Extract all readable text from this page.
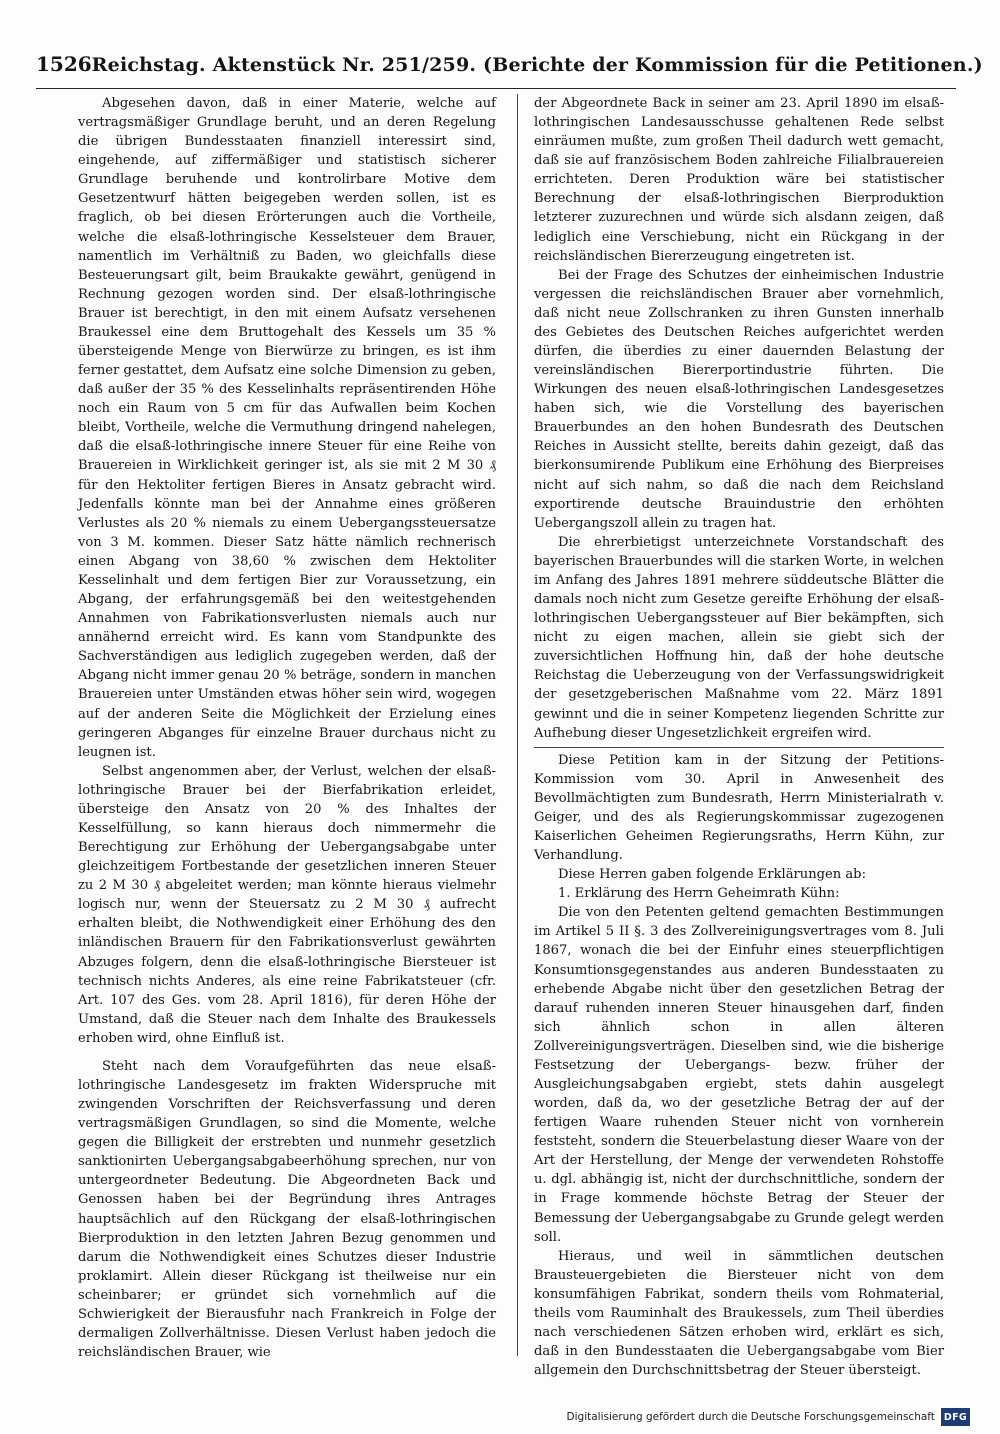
1526 Reichstag. Aktenstück Nr. 251/259. (Berichte der Kommission für die Petitionen.)

Abgesehen davon, daß in einer Materie, welche auf vertragsmäßiger Grundlage beruht, und an deren Regelung die übrigen Bundesstaaten finanziell interessirt sind, eingehende, auf ziffermäßiger und statistisch sicherer Grundlage beruhende und kontrolirbare Motive dem Gesetzentwurf hätten beigegeben werden sollen, ist es fraglich, ob bei diesen Erörterungen auch die Vortheile, welche die elsaß-lothringische Kesselsteuer dem Brauer, namentlich im Verhältniß zu Baden, wo gleichfalls diese Besteuerungsart gilt, beim Braukakte gewährt, genügend in Rechnung gezogen worden sind. Der elsaß-lothringische Brauer ist berechtigt, in den mit einem Aufsatz versehenen Braukessel eine dem Bruttogehalt des Kessels um 35 % übersteigende Menge von Bierwürze zu bringen, es ist ihm ferner gestattet, dem Aufsatz eine solche Dimension zu geben, daß außer der 35 % des Kesselinhalts repräsentirenden Höhe noch ein Raum von 5 cm für das Aufwallen beim Kochen bleibt, Vortheile, welche die Vermuthung dringend nahelegen, daß die elsaß-lothringische innere Steuer für eine Reihe von Brauereien in Wirklichkeit geringer ist, als sie mit 2 M 30 ₰ für den Hektoliter fertigen Bieres in Ansatz gebracht wird. Jedenfalls könnte man bei der Annahme eines größeren Verlustes als 20 % niemals zu einem Uebergangssteuersatze von 3 M. kommen. Dieser Satz hätte nämlich rechnerisch einen Abgang von 38,60 % zwischen dem Hektoliter Kesselinhalt und dem fertigen Bier zur Voraussetzung, ein Abgang, der erfahrungsgemäß bei den weitestgehenden Annahmen von Fabrikationsverlusten niemals auch nur annähernd erreicht wird. Es kann vom Standpunkte des Sachverständigen aus lediglich zugegeben werden, daß der Abgang nicht immer genau 20 % beträge, sondern in manchen Brauereien unter Umständen etwas höher sein wird, wogegen auf der anderen Seite die Möglichkeit der Erzielung eines geringeren Abganges für einzelne Brauer durchaus nicht zu leugnen ist.

Selbst angenommen aber, der Verlust, welchen der elsaß-lothringische Brauer bei der Bierfabrikation erleidet, übersteige den Ansatz von 20 % des Inhaltes der Kesselfüllung, so kann hieraus doch nimmermehr die Berechtigung zur Erhöhung der Uebergangsabgabe unter gleichzeitigem Fortbestande der gesetzlichen inneren Steuer zu 2 M 30 ₰ abgeleitet werden; man könnte hieraus vielmehr logisch nur, wenn der Steuersatz zu 2 M 30 ₰ aufrecht erhalten bleibt, die Nothwendigkeit einer Erhöhung des den inländischen Brauern für den Fabrikationsverlust gewährten Abzuges folgern, denn die elsaß-lothringische Biersteuer ist technisch nichts Anderes, als eine reine Fabrikatsteuer (cfr. Art. 107 des Ges. vom 28. April 1816), für deren Höhe der Umstand, daß die Steuer nach dem Inhalte des Braukessels erhoben wird, ohne Einfluß ist.

Steht nach dem Voraufgeführten das neue elsaß-lothringische Landesgesetz im frakten Widerspruche mit zwingenden Vorschriften der Reichsverfassung und deren vertragsmäßigen Grundlagen, so sind die Momente, welche gegen die Billigkeit der erstrebten und nunmehr gesetzlich sanktionirten Uebergangsabgabeerhöhung sprechen, nur von untergeordneter Bedeutung. Die Abgeordneten Back und Genossen haben bei der Begründung ihres Antrages hauptsächlich auf den Rückgang der elsaß-lothringischen Bierproduktion in den letzten Jahren Bezug genommen und darum die Nothwendigkeit eines Schutzes dieser Industrie proklamirt. Allein dieser Rückgang ist theilweise nur ein scheinbarer; er gründet sich vornehmlich auf die Schwierigkeit der Bierausfuhr nach Frankreich in Folge der dermaligen Zollverhältnisse. Diesen Verlust haben jedoch die reichsländischen Brauer, wie

der Abgeordnete Back in seiner am 23. April 1890 im elsaß-lothringischen Landesausschusse gehaltenen Rede selbst einräumen mußte, zum großen Theil dadurch wett gemacht, daß sie auf französischem Boden zahlreiche Filialbrauereien errichteten. Deren Produktion wäre bei statistischer Berechnung der elsaß-lothringischen Bierproduktion letzterer zuzurechnen und würde sich alsdann zeigen, daß lediglich eine Verschiebung, nicht ein Rückgang in der reichsländischen Biererzeugung eingetreten ist.

Bei der Frage des Schutzes der einheimischen Industrie vergessen die reichsländischen Brauer aber vornehmlich, daß nicht neue Zollschranken zu ihren Gunsten innerhalb des Gebietes des Deutschen Reiches aufgerichtet werden dürfen, die überdies zu einer dauernden Belastung der vereinsländischen Biererportindustrie führten. Die Wirkungen des neuen elsaß-lothringischen Landesgesetzes haben sich, wie die Vorstellung des bayerischen Brauerbundes an den hohen Bundesrath des Deutschen Reiches in Aussicht stellte, bereits dahin gezeigt, daß das bierkonsumirende Publikum eine Erhöhung des Bierpreises nicht auf sich nahm, so daß die nach dem Reichsland exportirende deutsche Brauindustrie den erhöhten Uebergangszoll allein zu tragen hat.

Die ehrerbietigst unterzeichnete Vorstandschaft des bayerischen Brauerbundes will die starken Worte, in welchen im Anfang des Jahres 1891 mehrere süddeutsche Blätter die damals noch nicht zum Gesetze gereifte Erhöhung der elsaß-lothringischen Uebergangssteuer auf Bier bekämpften, sich nicht zu eigen machen, allein sie giebt sich der zuversichtlichen Hoffnung hin, daß der hohe deutsche Reichstag die Ueberzeugung von der Verfassungswidrigkeit der gesetzgeberischen Maßnahme vom 22. März 1891 gewinnt und die in seiner Kompetenz liegenden Schritte zur Aufhebung dieser Ungesetzlichkeit ergreifen wird.

Diese Petition kam in der Sitzung der Petitions-Kommission vom 30. April in Anwesenheit des Bevollmächtigten zum Bundesrath, Herrn Ministerialrath v. Geiger, und des als Regierungskommissar zugezogenen Kaiserlichen Geheimen Regierungsraths, Herrn Kühn, zur Verhandlung.

Diese Herren gaben folgende Erklärungen ab:

1. Erklärung des Herrn Geheimrath Kühn:

Die von den Petenten geltend gemachten Bestimmungen im Artikel 5 II §. 3 des Zollvereinigungsvertrages vom 8. Juli 1867, wonach die bei der Einfuhr eines steuerpflichtigen Konsumtionsgegenstandes aus anderen Bundesstaaten zu erhebende Abgabe nicht über den gesetzlichen Betrag der darauf ruhenden inneren Steuer hinausgehen darf, finden sich ähnlich schon in allen älteren Zollvereinigungsverträgen. Dieselben sind, wie die bisherige Festsetzung der Uebergangs- bezw. früher der Ausgleichungsabgaben ergiebt, stets dahin ausgelegt worden, daß da, wo der gesetzliche Betrag der auf der fertigen Waare ruhenden Steuer nicht von vornherein feststeht, sondern die Steuerbelastung dieser Waare von der Art der Herstellung, der Menge der verwendeten Rohstoffe u. dgl. abhängig ist, nicht der durchschnittliche, sondern der in Frage kommende höchste Betrag der Steuer der Bemessung der Uebergangsabgabe zu Grunde gelegt werden soll.

Hieraus, und weil in sämmtlichen deutschen Brausteuergebieten die Biersteuer nicht von dem konsumfähigen Fabrikat, sondern theils vom Rohmaterial, theils vom Rauminhalt des Braukessels, zum Theil überdies nach verschiedenen Sätzen erhoben wird, erklärt es sich, daß in den Bundesstaaten die Uebergangsabgabe vom Bier allgemein den Durchschnittsbetrag der Steuer übersteigt.

Digitalisierung gefördert durch die Deutsche Forschungsgemeinschaft DFG
